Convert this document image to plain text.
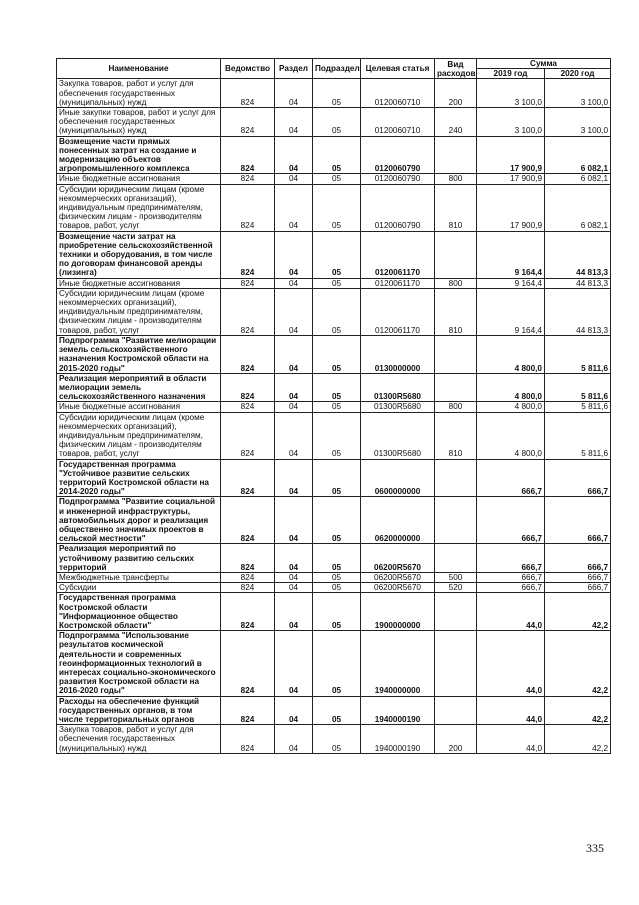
Наименование	Ведомство	Раздел	Подраздел	Целевая статья	Вид расходов	Сумма	
						2019 год	2020 год
Закупка товаров, работ и услуг для обеспечения государственных (муниципальных) нужд	824	04	05	0120060710	200	3 100,0	3 100,0
Иные закупки товаров, работ и услуг для обеспечения государственных (муниципальных) нужд	824	04	05	0120060710	240	3 100,0	3 100,0
Возмещение части прямых понесенных затрат на создание и модернизацию объектов агропромышленного комплекса	824	04	05	0120060790		17 900,9	6 082,1
Иные бюджетные ассигнования	824	04	05	0120060790	800	17 900,9	6 082,1
Субсидии юридическим лицам (кроме некоммерческих организаций), индивидуальным предпринимателям, физическим лицам - производителям товаров, работ, услуг	824	04	05	0120060790	810	17 900,9	6 082,1
Возмещение части затрат на приобретение сельскохозяйственной техники и оборудования, в том числе по договорам финансовой аренды (лизинга)	824	04	05	0120061170		9 164,4	44 813,3
Иные бюджетные ассигнования	824	04	05	0120061170	800	9 164,4	44 813,3
Субсидии юридическим лицам (кроме некоммерческих организаций), индивидуальным предпринимателям, физическим лицам - производителям товаров, работ, услуг	824	04	05	0120061170	810	9 164,4	44 813,3
Подпрограмма "Развитие мелиорации земель сельскохозяйственного назначения Костромской области на 2015-2020 годы"	824	04	05	0130000000		4 800,0	5 811,6
Реализация мероприятий в области мелиорации земель сельскохозяйственного назначения	824	04	05	01300R5680		4 800,0	5 811,6
Иные бюджетные ассигнования	824	04	05	01300R5680	800	4 800,0	5 811,6
Субсидии юридическим лицам (кроме некоммерческих организаций), индивидуальным предпринимателям, физическим лицам - производителям товаров, работ, услуг	824	04	05	01300R5680	810	4 800,0	5 811,6
Государственная программа "Устойчивое развитие сельских территорий Костромской области на 2014-2020 годы"	824	04	05	0600000000		666,7	666,7
Подпрограмма "Развитие социальной и инженерной инфраструктуры, автомобильных дорог и реализация общественно значимых проектов в сельской местности"	824	04	05	0620000000		666,7	666,7
Реализация мероприятий по устойчивому развитию сельских территорий	824	04	05	06200R5670		666,7	666,7
Межбюджетные трансферты	824	04	05	06200R5670	500	666,7	666,7
Субсидии	824	04	05	06200R5670	520	666,7	666,7
Государственная программа Костромской области "Информационное общество Костромской области"	824	04	05	1900000000		44,0	42,2
Подпрограмма "Использование результатов космической деятельности и современных геоинформационных технологий в интересах социально-экономического развития Костромской области на 2016-2020 годы"	824	04	05	1940000000		44,0	42,2
Расходы на обеспечение функций государственных органов, в том числе территориальных органов	824	04	05	1940000190		44,0	42,2
Закупка товаров, работ и услуг для обеспечения государственных (муниципальных) нужд	824	04	05	1940000190	200	44,0	42,2
335
